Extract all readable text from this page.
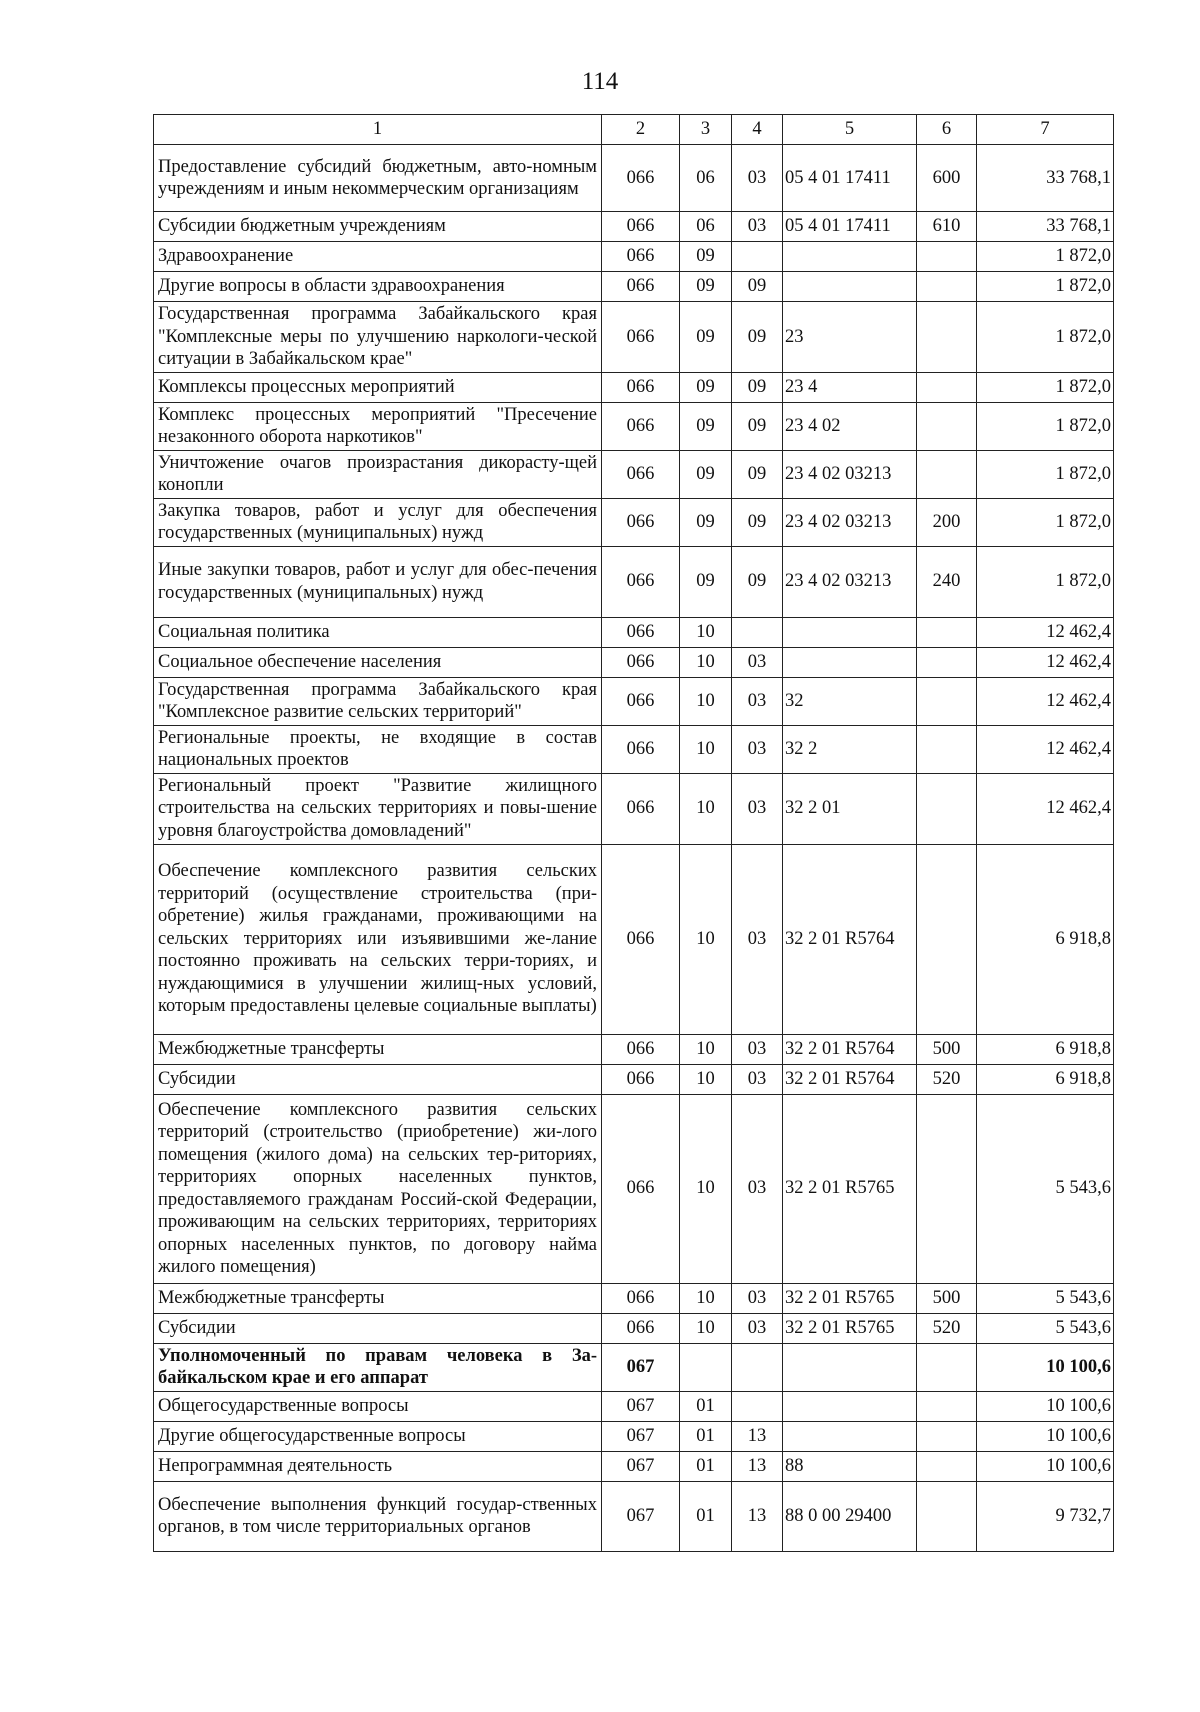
114
1	2	3	4	5	6	7
Предоставление субсидий бюджетным, авто-номным учреждениям и иным некоммерческим организациям	066	06	03	05 4 01 17411	600	33 768,1
Субсидии бюджетным учреждениям	066	06	03	05 4 01 17411	610	33 768,1
Здравоохранение	066	09				1 872,0
Другие вопросы в области здравоохранения	066	09	09			1 872,0
Государственная программа Забайкальского края "Комплексные меры по улучшению наркологи-ческой ситуации в Забайкальском крае"	066	09	09	23		1 872,0
Комплексы процессных мероприятий	066	09	09	23 4		1 872,0
Комплекс процессных мероприятий "Пресечение незаконного оборота наркотиков"	066	09	09	23 4 02		1 872,0
Уничтожение очагов произрастания дикорасту-щей конопли	066	09	09	23 4 02 03213		1 872,0
Закупка товаров, работ и услуг для обеспечения государственных (муниципальных) нужд	066	09	09	23 4 02 03213	200	1 872,0
Иные закупки товаров, работ и услуг для обес-печения государственных (муниципальных) нужд	066	09	09	23 4 02 03213	240	1 872,0
Социальная политика	066	10				12 462,4
Социальное обеспечение населения	066	10	03			12 462,4
Государственная программа Забайкальского края "Комплексное развитие сельских территорий"	066	10	03	32		12 462,4
Региональные проекты, не входящие в состав национальных проектов	066	10	03	32 2		12 462,4
Региональный проект "Развитие жилищного строительства на сельских территориях и повы-шение уровня благоустройства домовладений"	066	10	03	32 2 01		12 462,4
Обеспечение комплексного развития сельских территорий (осуществление строительства (при-обретение) жилья гражданами, проживающими на сельских территориях или изъявившими же-лание постоянно проживать на сельских терри-ториях, и нуждающимися в улучшении жилищ-ных условий, которым предоставлены целевые социальные выплаты)	066	10	03	32 2 01 R5764		6 918,8
Межбюджетные трансферты	066	10	03	32 2 01 R5764	500	6 918,8
Субсидии	066	10	03	32 2 01 R5764	520	6 918,8
Обеспечение комплексного развития сельских территорий (строительство (приобретение) жи-лого помещения (жилого дома) на сельских тер-риториях, территориях опорных населенных пунктов, предоставляемого гражданам Россий-ской Федерации, проживающим на сельских территориях, территориях опорных населенных пунктов, по договору найма жилого помещения)	066	10	03	32 2 01 R5765		5 543,6
Межбюджетные трансферты	066	10	03	32 2 01 R5765	500	5 543,6
Субсидии	066	10	03	32 2 01 R5765	520	5 543,6
Уполномоченный по правам человека в За-байкальском крае и его аппарат	067					10 100,6
Общегосударственные вопросы	067	01				10 100,6
Другие общегосударственные вопросы	067	01	13			10 100,6
Непрограммная деятельность	067	01	13	88		10 100,6
Обеспечение выполнения функций государ-ственных органов, в том числе территориальных органов	067	01	13	88 0 00 29400		9 732,7
